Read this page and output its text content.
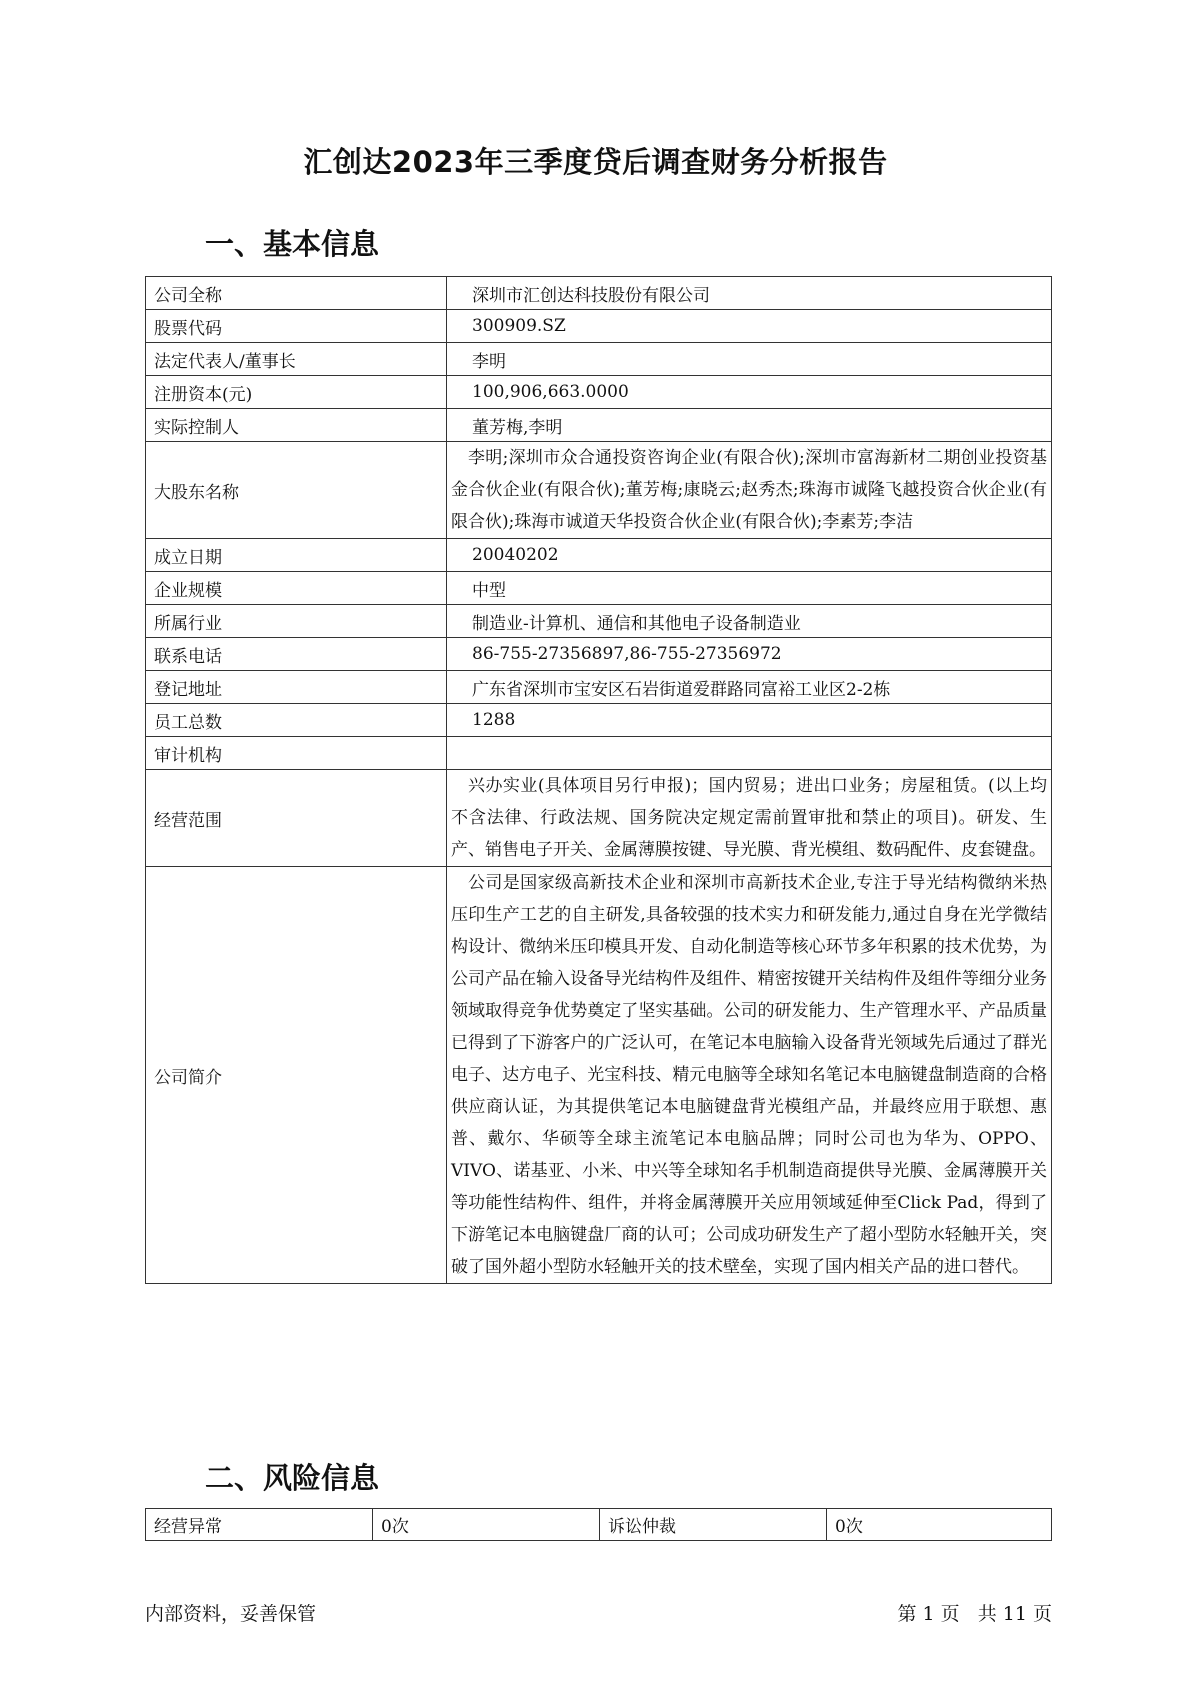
汇创达2023年三季度贷后调查财务分析报告
一、基本信息
公司全称	深圳市汇创达科技股份有限公司
股票代码	300909.SZ
法定代表人/董事长	李明
注册资本(元)	100,906,663.0000
实际控制人	董芳梅,李明
大股东名称	李明;深圳市众合通投资咨询企业(有限合伙);深圳市富海新材二期创业投资基金合伙企业(有限合伙);董芳梅;康晓云;赵秀杰;珠海市诚隆飞越投资合伙企业(有限合伙);珠海市诚道天华投资合伙企业(有限合伙);李素芳;李洁
成立日期	20040202
企业规模	中型
所属行业	制造业-计算机、通信和其他电子设备制造业
联系电话	86-755-27356897,86-755-27356972
登记地址	广东省深圳市宝安区石岩街道爱群路同富裕工业区2-2栋
员工总数	1288
审计机构	
经营范围	兴办实业(具体项目另行申报)；国内贸易；进出口业务；房屋租赁。(以上均不含法律、行政法规、国务院决定规定需前置审批和禁止的项目)。研发、生产、销售电子开关、金属薄膜按键、导光膜、背光模组、数码配件、皮套键盘。
公司简介	公司是国家级高新技术企业和深圳市高新技术企业,专注于导光结构微纳米热压印生产工艺的自主研发,具备较强的技术实力和研发能力,通过自身在光学微结构设计、微纳米压印模具开发、自动化制造等核心环节多年积累的技术优势，为公司产品在输入设备导光结构件及组件、精密按键开关结构件及组件等细分业务领域取得竞争优势奠定了坚实基础。公司的研发能力、生产管理水平、产品质量已得到了下游客户的广泛认可，在笔记本电脑输入设备背光领域先后通过了群光电子、达方电子、光宝科技、精元电脑等全球知名笔记本电脑键盘制造商的合格供应商认证，为其提供笔记本电脑键盘背光模组产品，并最终应用于联想、惠普、戴尔、华硕等全球主流笔记本电脑品牌；同时公司也为华为、OPPO、VIVO、诺基亚、小米、中兴等全球知名手机制造商提供导光膜、金属薄膜开关等功能性结构件、组件，并将金属薄膜开关应用领域延伸至Click Pad，得到了下游笔记本电脑键盘厂商的认可；公司成功研发生产了超小型防水轻触开关，突破了国外超小型防水轻触开关的技术壁垒，实现了国内相关产品的进口替代。
二、风险信息
经营异常	0次	诉讼仲裁	0次
内部资料，妥善保管	第 1 页   共 11 页
